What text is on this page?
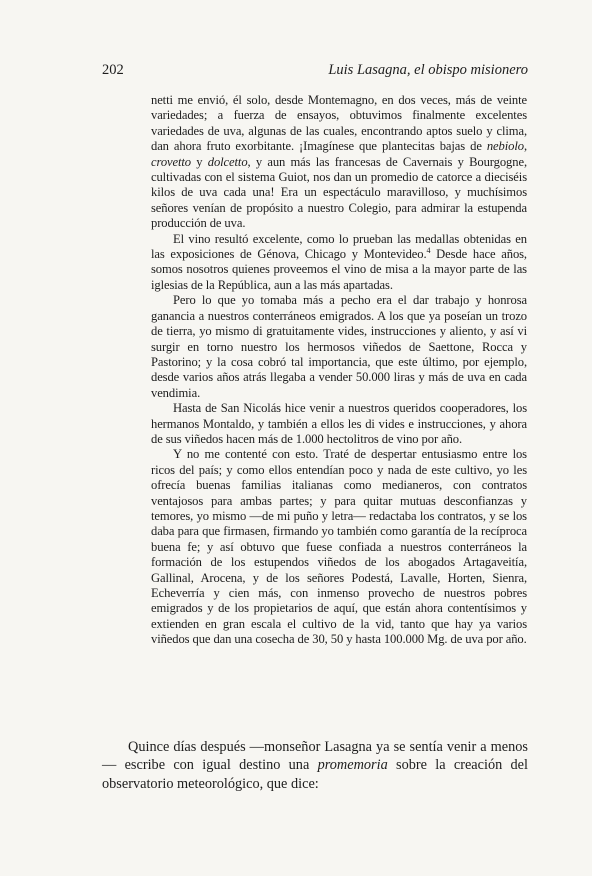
202	Luis Lasagna, el obispo misionero

netti me envió, él solo, desde Montemagno, en dos veces, más de veinte variedades; a fuerza de ensayos, obtuvimos finalmente excelentes variedades de uva, algunas de las cuales, encontrando aptos suelo y clima, dan ahora fruto exorbitante. ¡Imagínese que plantecitas bajas de nebiolo, crovetto y dolcetto, y aun más las francesas de Cavernais y Bourgogne, cultivadas con el sistema Guiot, nos dan un promedio de catorce a dieciséis kilos de uva cada una! Era un espectáculo maravilloso, y muchísimos señores venían de propósito a nuestro Colegio, para admirar la estupenda producción de uva.

El vino resultó excelente, como lo prueban las medallas obtenidas en las exposiciones de Génova, Chicago y Montevideo.$^4$ Desde hace años, somos nosotros quienes proveemos el vino de misa a la mayor parte de las iglesias de la República, aun a las más apartadas.

Pero lo que yo tomaba más a pecho era el dar trabajo y honrosa ganancia a nuestros conterráneos emigrados. A los que ya poseían un trozo de tierra, yo mismo di gratuitamente vides, instrucciones y aliento, y así vi surgir en torno nuestro los hermosos viñedos de Saettone, Rocca y Pastorino; y la cosa cobró tal importancia, que este último, por ejemplo, desde varios años atrás llegaba a vender 50.000 liras y más de uva en cada vendimia.

Hasta de San Nicolás hice venir a nuestros queridos cooperadores, los hermanos Montaldo, y también a ellos les di vides e instrucciones, y ahora de sus viñedos hacen más de 1.000 hectolitros de vino por año.

Y no me contenté con esto. Traté de despertar entusiasmo entre los ricos del país; y como ellos entendían poco y nada de este cultivo, yo les ofrecía buenas familias italianas como medianeros, con contratos ventajosos para ambas partes; y para quitar mutuas desconfianzas y temores, yo mismo —de mi puño y letra— redactaba los contratos, y se los daba para que firmasen, firmando yo también como garantía de la recíproca buena fe; y así obtuvo que fuese confiada a nuestros conterráneos la formación de los estupendos viñedos de los abogados Artagaveitía, Gallinal, Arocena, y de los señores Podestá, Lavalle, Horten, Sienra, Echeverría y cien más, con inmenso provecho de nuestros pobres emigrados y de los propietarios de aquí, que están ahora contentísimos y extienden en gran escala el cultivo de la vid, tanto que hay ya varios viñedos que dan una cosecha de 30, 50 y hasta 100.000 Mg. de uva por año.

Quince días después —monseñor Lasagna ya se sentía venir a menos— escribe con igual destino una promemoria sobre la creación del observatorio meteorológico, que dice:
